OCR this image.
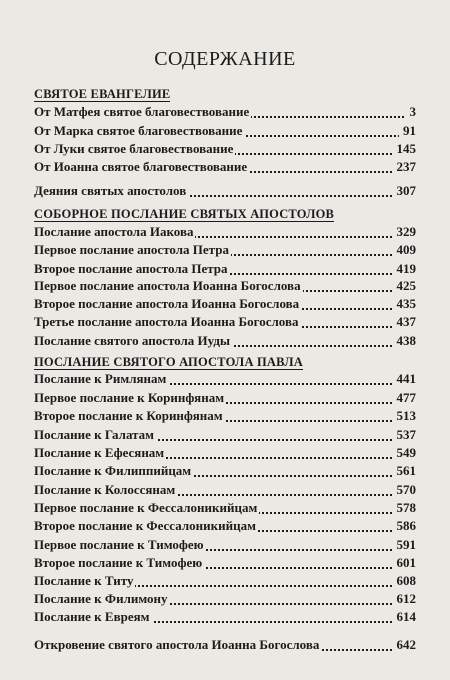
СОДЕРЖАНИЕ
СВЯТОЕ ЕВАНГЕЛИЕ
От Матфея святое благовествование	3
От Марка святое благовествование	91
От Луки святое благовествование	145
От Иоанна святое благовествование	237
Деяния святых апостолов	307
СОБОРНОЕ ПОСЛАНИЕ СВЯТЫХ АПОСТОЛОВ
Послание апостола Иакова	329
Первое послание апостола Петра	409
Второе послание апостола Петра	419
Первое послание апостола Иоанна Богослова	425
Второе послание апостола Иоанна Богослова	435
Третье послание апостола Иоанна Богослова	437
Послание святого апостола Иуды	438
ПОСЛАНИЕ СВЯТОГО АПОСТОЛА ПАВЛА
Послание к Римлянам	441
Первое послание к Коринфянам	477
Второе послание к Коринфянам	513
Послание к Галатам	537
Послание к Ефесянам	549
Послание к Филиппийцам	561
Послание к Колоссянам	570
Первое послание к Фессалоникийцам	578
Второе послание к Фессалоникийцам	586
Первое послание к Тимофею	591
Второе послание к Тимофею	601
Послание к Титу	608
Послание к Филимону	612
Послание к Евреям	614
Откровение святого апостола Иоанна Богослова	642
